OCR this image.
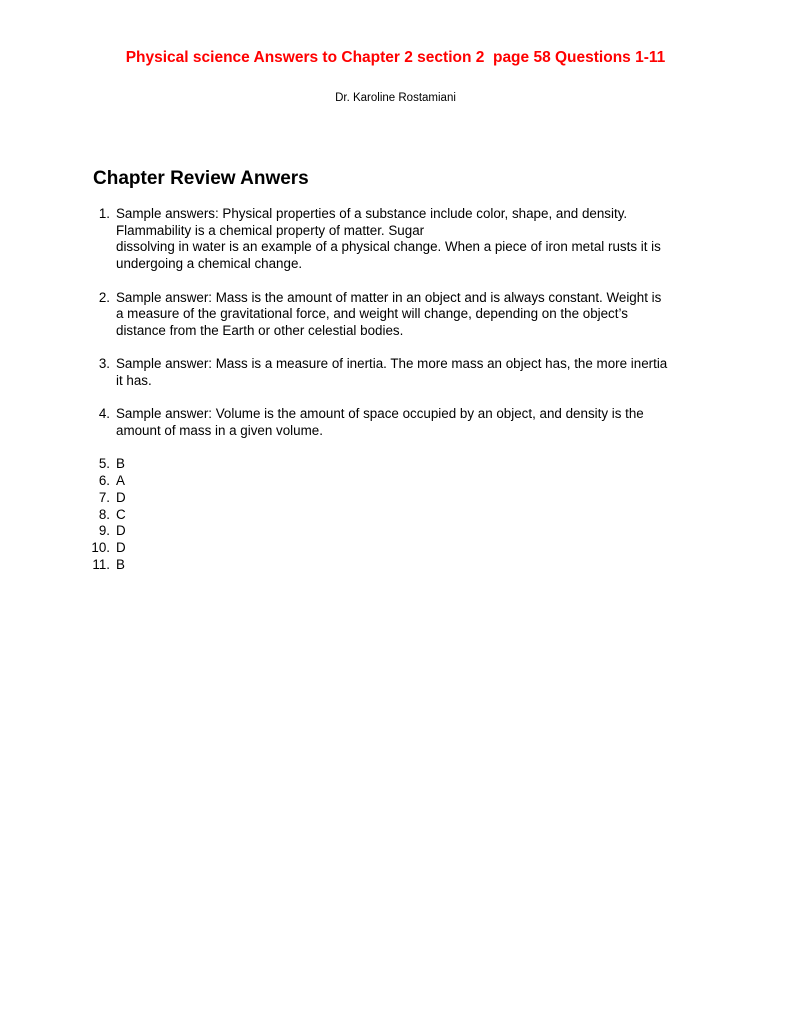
Physical science Answers to Chapter 2 section 2  page 58 Questions 1-11
Dr. Karoline Rostamiani
Chapter Review Anwers
1. Sample answers: Physical properties of a substance include color, shape, and density.
Flammability is a chemical property of matter. Sugar
dissolving in water is an example of a physical change. When a piece of iron metal rusts it is
undergoing a chemical change.
2. Sample answer: Mass is the amount of matter in an object and is always constant. Weight is
a measure of the gravitational force, and weight will change, depending on the object’s
distance from the Earth or other celestial bodies.
3. Sample answer: Mass is a measure of inertia. The more mass an object has, the more inertia
it has.
4. Sample answer: Volume is the amount of space occupied by an object, and density is the
amount of mass in a given volume.
5. B
6. A
7. D
8. C
9. D
10. D
11. B
